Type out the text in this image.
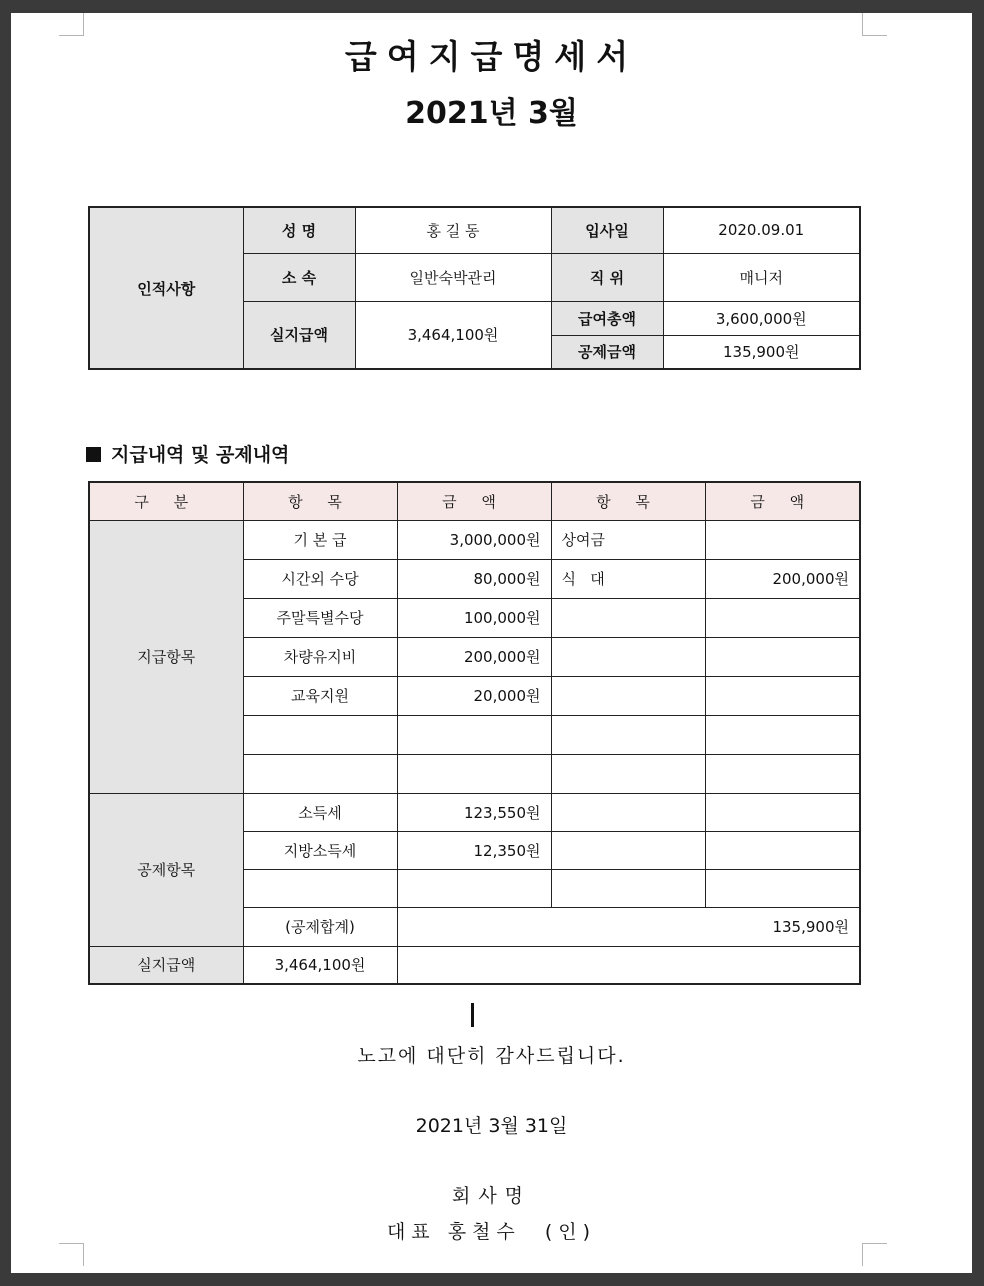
급여지급명세서
2021년 3월
인적사항	성 명	홍 길 동	입사일	2020.09.01
	소 속	일반숙박관리	직 위	매니저
	실지급액	3,464,100원	급여총액	3,600,000원
			공제금액	135,900원
지급내역 및 공제내역
구 분	항 목	금 액	항 목	금 액
지급항목	기 본 급	3,000,000원	상여금	
	시간외 수당	80,000원	식   대	200,000원
	주말특별수당	100,000원		
	차량유지비	200,000원		
	교육지원	20,000원		

공제항목	소득세	123,550원		
	지방소득세	12,350원		

	(공제합계)	135,900원		
실지급액	3,464,100원			
노고에 대단히 감사드립니다.
2021년 3월 31일
회사명
대표 홍철수  (인)
